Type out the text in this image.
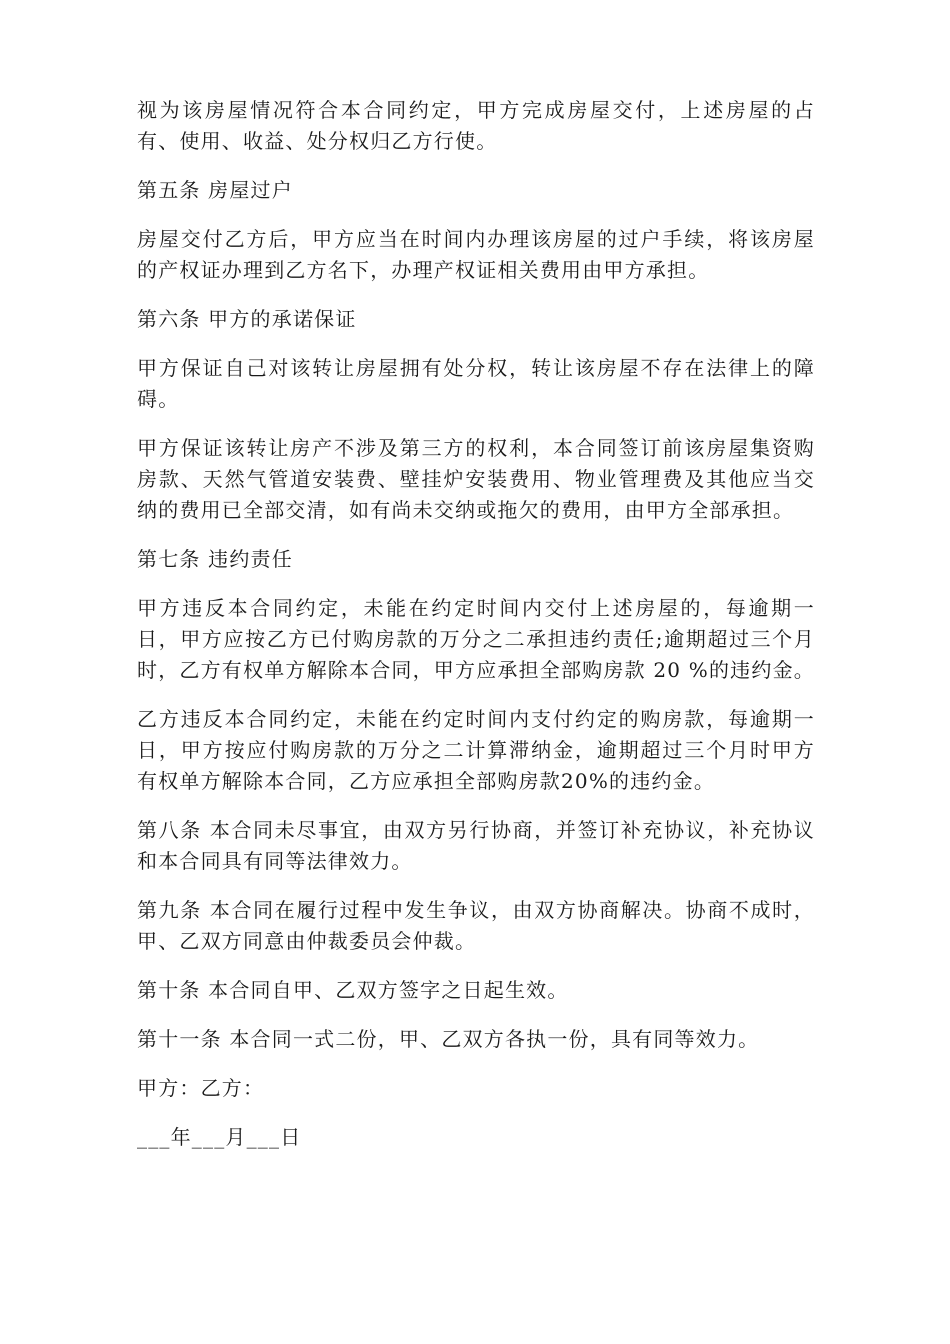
视为该房屋情况符合本合同约定，甲方完成房屋交付，上述房屋的占有、使用、收益、处分权归乙方行使。

第五条 房屋过户

房屋交付乙方后，甲方应当在时间内办理该房屋的过户手续，将该房屋的产权证办理到乙方名下，办理产权证相关费用由甲方承担。

第六条 甲方的承诺保证

甲方保证自己对该转让房屋拥有处分权，转让该房屋不存在法律上的障碍。

甲方保证该转让房产不涉及第三方的权利，本合同签订前该房屋集资购房款、天然气管道安装费、壁挂炉安装费用、物业管理费及其他应当交纳的费用已全部交清，如有尚未交纳或拖欠的费用，由甲方全部承担。

第七条 违约责任

甲方违反本合同约定，未能在约定时间内交付上述房屋的，每逾期一日，甲方应按乙方已付购房款的万分之二承担违约责任;逾期超过三个月时，乙方有权单方解除本合同，甲方应承担全部购房款 20 %的违约金。

乙方违反本合同约定，未能在约定时间内支付约定的购房款，每逾期一日，甲方按应付购房款的万分之二计算滞纳金，逾期超过三个月时甲方有权单方解除本合同，乙方应承担全部购房款20%的违约金。

第八条 本合同未尽事宜，由双方另行协商，并签订补充协议，补充协议和本合同具有同等法律效力。

第九条 本合同在履行过程中发生争议，由双方协商解决。协商不成时，甲、乙双方同意由仲裁委员会仲裁。

第十条 本合同自甲、乙双方签字之日起生效。

第十一条 本合同一式二份，甲、乙双方各执一份，具有同等效力。

甲方：乙方：

___年___月___日
